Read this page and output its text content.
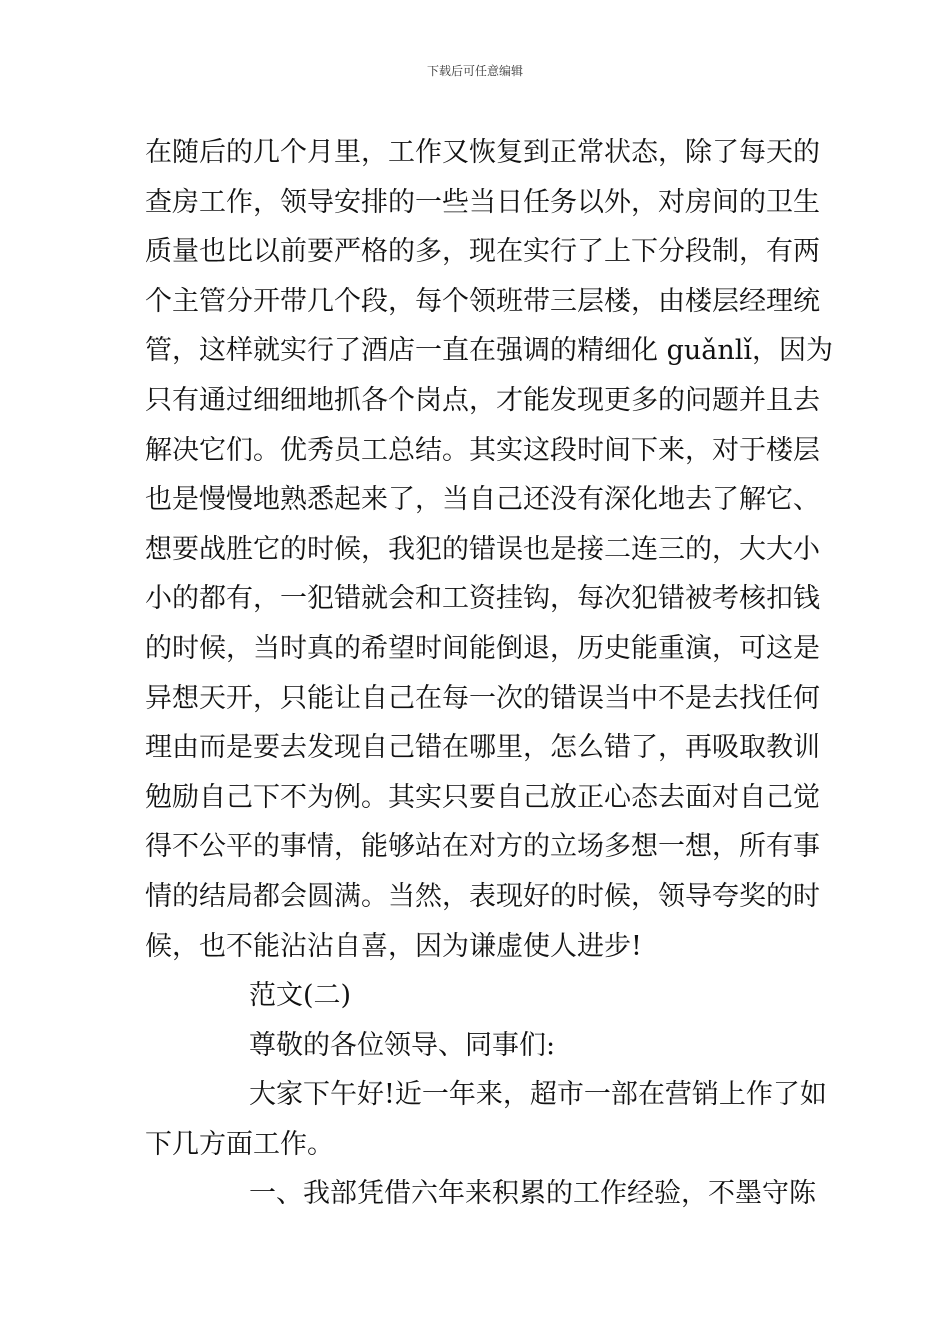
下载后可任意编辑
在随后的几个月里，工作又恢复到正常状态，除了每天的
查房工作，领导安排的一些当日任务以外，对房间的卫生
质量也比以前要严格的多，现在实行了上下分段制，有两
个主管分开带几个段，每个领班带三层楼，由楼层经理统
管，这样就实行了酒店一直在强调的精细化 guǎnlǐ，因为
只有通过细细地抓各个岗点，才能发现更多的问题并且去
解决它们。优秀员工总结。其实这段时间下来，对于楼层
也是慢慢地熟悉起来了，当自己还没有深化地去了解它、
想要战胜它的时候，我犯的错误也是接二连三的，大大小
小的都有，一犯错就会和工资挂钩，每次犯错被考核扣钱
的时候，当时真的希望时间能倒退，历史能重演，可这是
异想天开，只能让自己在每一次的错误当中不是去找任何
理由而是要去发现自己错在哪里，怎么错了，再吸取教训
勉励自己下不为例。其实只要自己放正心态去面对自己觉
得不公平的事情，能够站在对方的立场多想一想，所有事
情的结局都会圆满。当然，表现好的时候，领导夸奖的时
候，也不能沾沾自喜，因为谦虚使人进步!
范文(二)
尊敬的各位领导、同事们:
大家下午好!近一年来，超市一部在营销上作了如
下几方面工作。
一、我部凭借六年来积累的工作经验，不墨守陈
